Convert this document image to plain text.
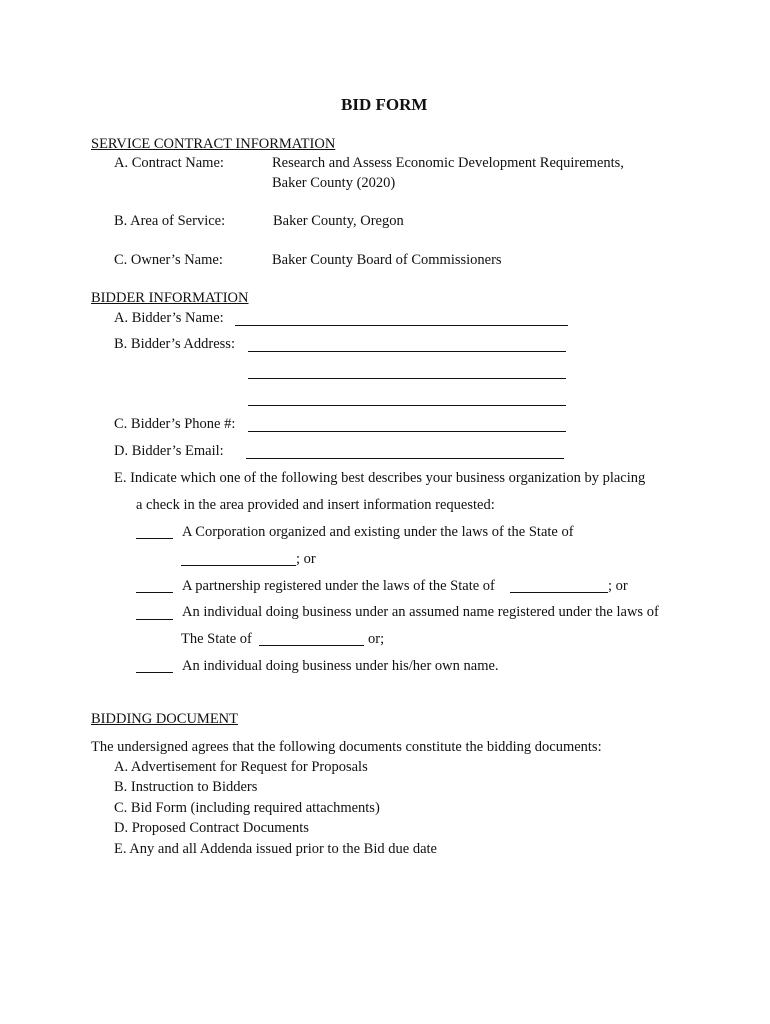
BID FORM
SERVICE CONTRACT INFORMATION
A. Contract Name:	Research and Assess Economic Development Requirements,
Baker County (2020)
B. Area of Service:	Baker County, Oregon
C. Owner’s Name:	Baker County Board of Commissioners
BIDDER INFORMATION
A. Bidder’s Name:
B. Bidder’s Address:
C. Bidder’s Phone #:
D. Bidder’s Email:
E. Indicate which one of the following best describes your business organization by placing
a check in the area provided and insert information requested:
A Corporation organized and existing under the laws of the State of
; or
A partnership registered under the laws of the State of	; or
An individual doing business under an assumed name registered under the laws of
The State of	or;
An individual doing business under his/her own name.
BIDDING DOCUMENT
The undersigned agrees that the following documents constitute the bidding documents:
A. Advertisement for Request for Proposals
B. Instruction to Bidders
C. Bid Form (including required attachments)
D. Proposed Contract Documents
E. Any and all Addenda issued prior to the Bid due date
